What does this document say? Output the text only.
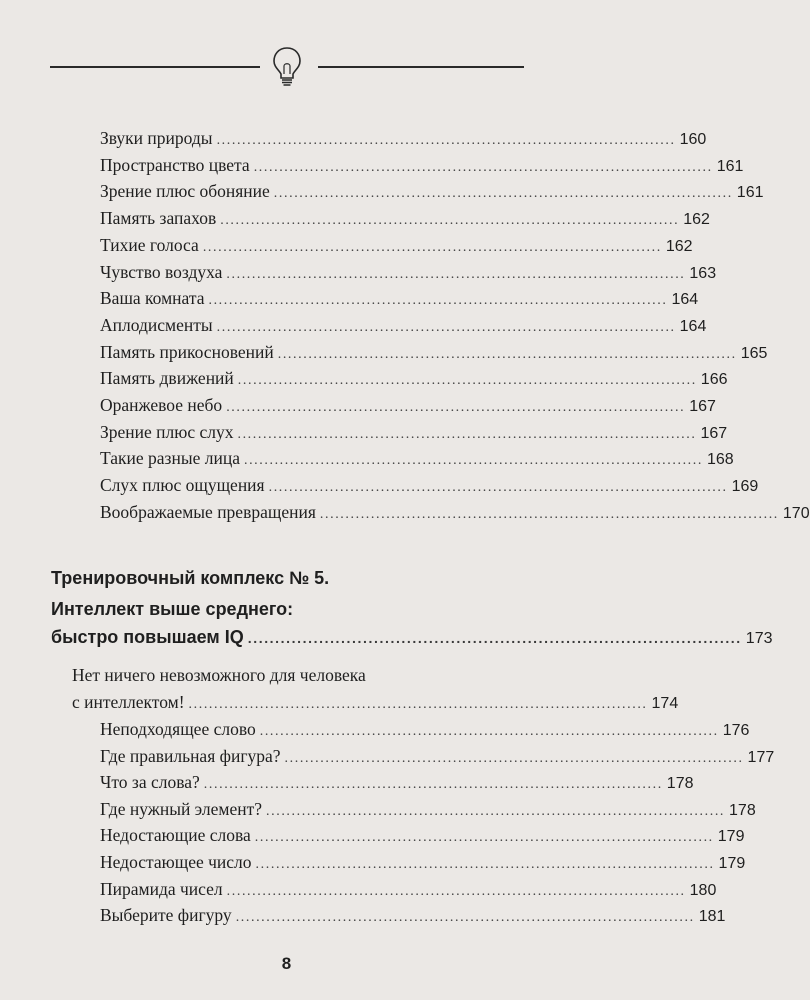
Звуки природы .......................................................................................... 160
Пространство цвета .......................................................................................... 161
Зрение плюс обоняние .......................................................................................... 161
Память запахов .......................................................................................... 162
Тихие голоса .......................................................................................... 162
Чувство воздуха .......................................................................................... 163
Ваша комната .......................................................................................... 164
Аплодисменты .......................................................................................... 164
Память прикосновений .......................................................................................... 165
Память движений .......................................................................................... 166
Оранжевое небо .......................................................................................... 167
Зрение плюс слух .......................................................................................... 167
Такие разные лица .......................................................................................... 168
Слух плюс ощущения .......................................................................................... 169
Воображаемые превращения .......................................................................................... 170
Тренировочный комплекс № 5.
Интеллект выше среднего:
быстро повышаем IQ .......................................................................................... 173
Нет ничего невозможного для человека
с интеллектом! .......................................................................................... 174
Неподходящее слово .......................................................................................... 176
Где правильная фигура? .......................................................................................... 177
Что за слова? .......................................................................................... 178
Где нужный элемент? .......................................................................................... 178
Недостающие слова .......................................................................................... 179
Недостающее число .......................................................................................... 179
Пирамида чисел .......................................................................................... 180
Выберите фигуру .......................................................................................... 181
8
